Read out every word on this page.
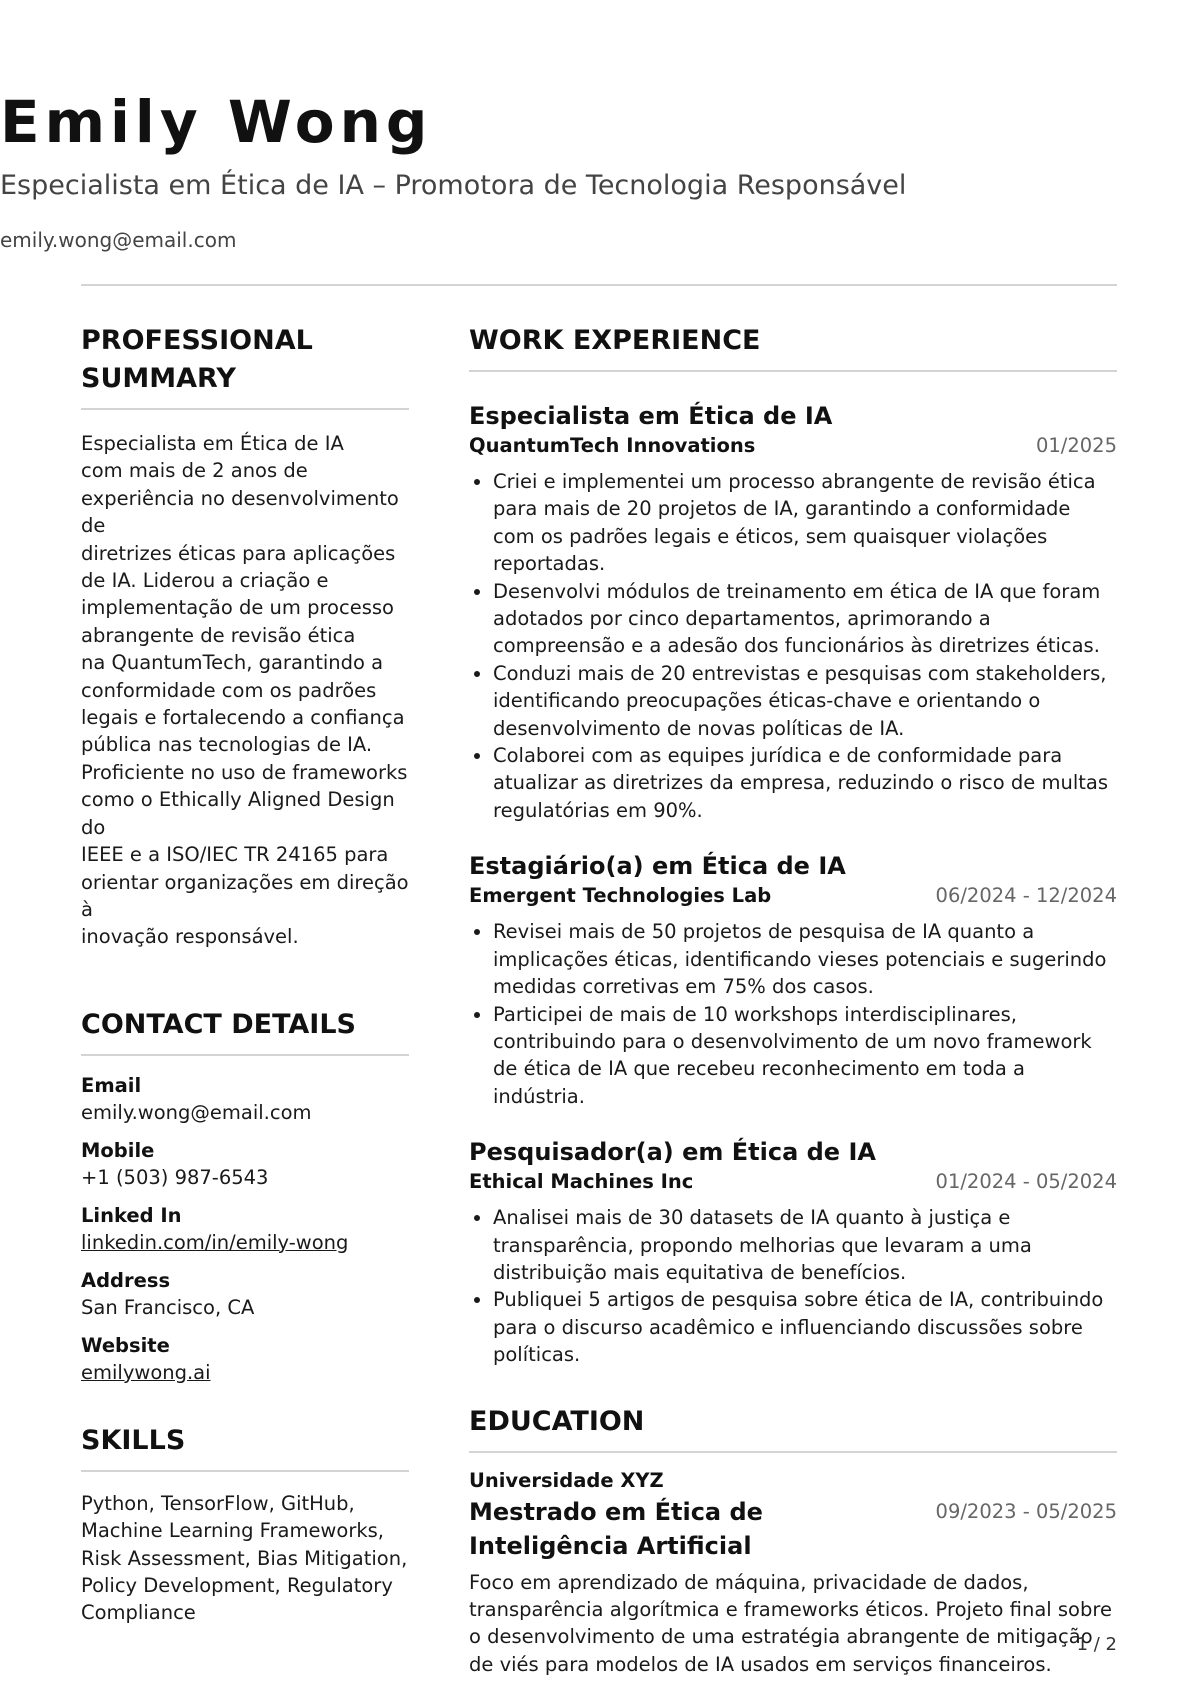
Emily Wong
Especialista em Ética de IA – Promotora de Tecnologia Responsável
emily.wong@email.com
PROFESSIONAL
SUMMARY
Especialista em Ética de IA
com mais de 2 anos de
experiência no desenvolvimento de
diretrizes éticas para aplicações
de IA. Liderou a criação e
implementação de um processo
abrangente de revisão ética
na QuantumTech, garantindo a
conformidade com os padrões
legais e fortalecendo a confiança
pública nas tecnologias de IA.
Proficiente no uso de frameworks
como o Ethically Aligned Design do
IEEE e a ISO/IEC TR 24165 para
orientar organizações em direção à
inovação responsável.
CONTACT DETAILS
Email
emily.wong@email.com
Mobile
+1 (503) 987-6543
Linked In
linkedin.com/in/emily-wong
Address
San Francisco, CA
Website
emilywong.ai
SKILLS
Python, TensorFlow, GitHub,
Machine Learning Frameworks,
Risk Assessment, Bias Mitigation,
Policy Development, Regulatory
Compliance
WORK EXPERIENCE
Especialista em Ética de IA
QuantumTech Innovations	01/2025
• Criei e implementei um processo abrangente de revisão ética para mais de 20 projetos de IA, garantindo a conformidade com os padrões legais e éticos, sem quaisquer violações reportadas.
• Desenvolvi módulos de treinamento em ética de IA que foram adotados por cinco departamentos, aprimorando a compreensão e a adesão dos funcionários às diretrizes éticas.
• Conduzi mais de 20 entrevistas e pesquisas com stakeholders, identificando preocupações éticas-chave e orientando o desenvolvimento de novas políticas de IA.
• Colaborei com as equipes jurídica e de conformidade para atualizar as diretrizes da empresa, reduzindo o risco de multas regulatórias em 90%.
Estagiário(a) em Ética de IA
Emergent Technologies Lab	06/2024 - 12/2024
• Revisei mais de 50 projetos de pesquisa de IA quanto a implicações éticas, identificando vieses potenciais e sugerindo medidas corretivas em 75% dos casos.
• Participei de mais de 10 workshops interdisciplinares, contribuindo para o desenvolvimento de um novo framework de ética de IA que recebeu reconhecimento em toda a indústria.
Pesquisador(a) em Ética de IA
Ethical Machines Inc	01/2024 - 05/2024
• Analisei mais de 30 datasets de IA quanto à justiça e transparência, propondo melhorias que levaram a uma distribuição mais equitativa de benefícios.
• Publiquei 5 artigos de pesquisa sobre ética de IA, contribuindo para o discurso acadêmico e influenciando discussões sobre políticas.
EDUCATION
Universidade XYZ
Mestrado em Ética de Inteligência Artificial
09/2023 - 05/2025
Foco em aprendizado de máquina, privacidade de dados, transparência algorítmica e frameworks éticos. Projeto final sobre o desenvolvimento de uma estratégia abrangente de mitigação de viés para modelos de IA usados em serviços financeiros.
1 / 2
